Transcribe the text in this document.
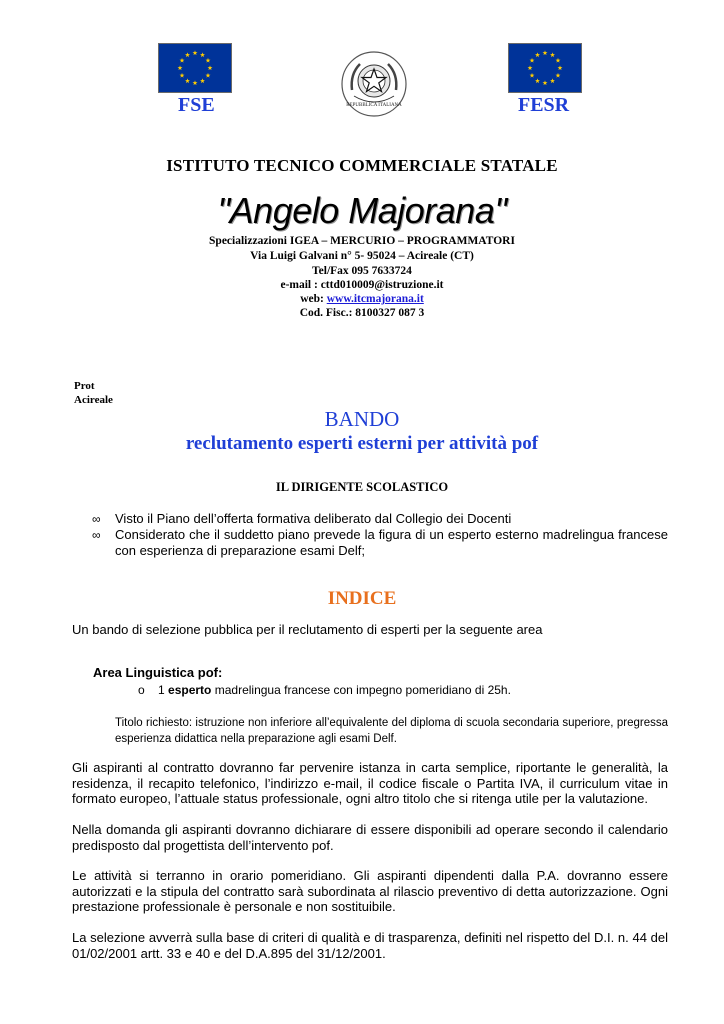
FSE	REPUBBLICA ITALIANA	FESR
ISTITUTO TECNICO COMMERCIALE STATALE
"Angelo Majorana"
Specializzazioni IGEA – MERCURIO – PROGRAMMATORI
Via Luigi Galvani n° 5- 95024 – Acireale (CT)
Tel/Fax 095 7633724
e-mail : cttd010009@istruzione.it
web: www.itcmajorana.it
Cod. Fisc.: 8100327 087 3
Prot
Acireale
BANDO
reclutamento esperti esterni per attività pof
IL DIRIGENTE SCOLASTICO
∞ Visto il Piano dell’offerta formativa deliberato dal Collegio dei Docenti
∞ Considerato che il suddetto piano prevede la figura di un esperto esterno madrelingua francese con esperienza di preparazione esami Delf;
INDICE
Un bando di selezione pubblica per il reclutamento di esperti per la seguente area
Area Linguistica pof:
o 1 esperto madrelingua francese con impegno pomeridiano di 25h.
Titolo richiesto: istruzione non inferiore all’equivalente del diploma di scuola secondaria superiore, pregressa esperienza didattica nella preparazione agli esami Delf.
Gli aspiranti al contratto dovranno far pervenire istanza in carta semplice, riportante le generalità, la residenza, il recapito telefonico, l’indirizzo e-mail, il codice fiscale o Partita IVA, il curriculum vitae in formato europeo, l’attuale status professionale, ogni altro titolo che si ritenga utile per la valutazione.
Nella domanda gli aspiranti dovranno dichiarare di essere disponibili ad operare secondo il calendario predisposto dal progettista dell’intervento pof.
Le attività si terranno in orario pomeridiano. Gli aspiranti dipendenti dalla P.A. dovranno essere autorizzati e la stipula del contratto sarà subordinata al rilascio preventivo di detta autorizzazione. Ogni prestazione professionale è personale e non sostituibile.
La selezione avverrà sulla base di criteri di qualità e di trasparenza, definiti nel rispetto del D.I. n. 44 del 01/02/2001 artt. 33 e 40 e del D.A.895 del 31/12/2001.
